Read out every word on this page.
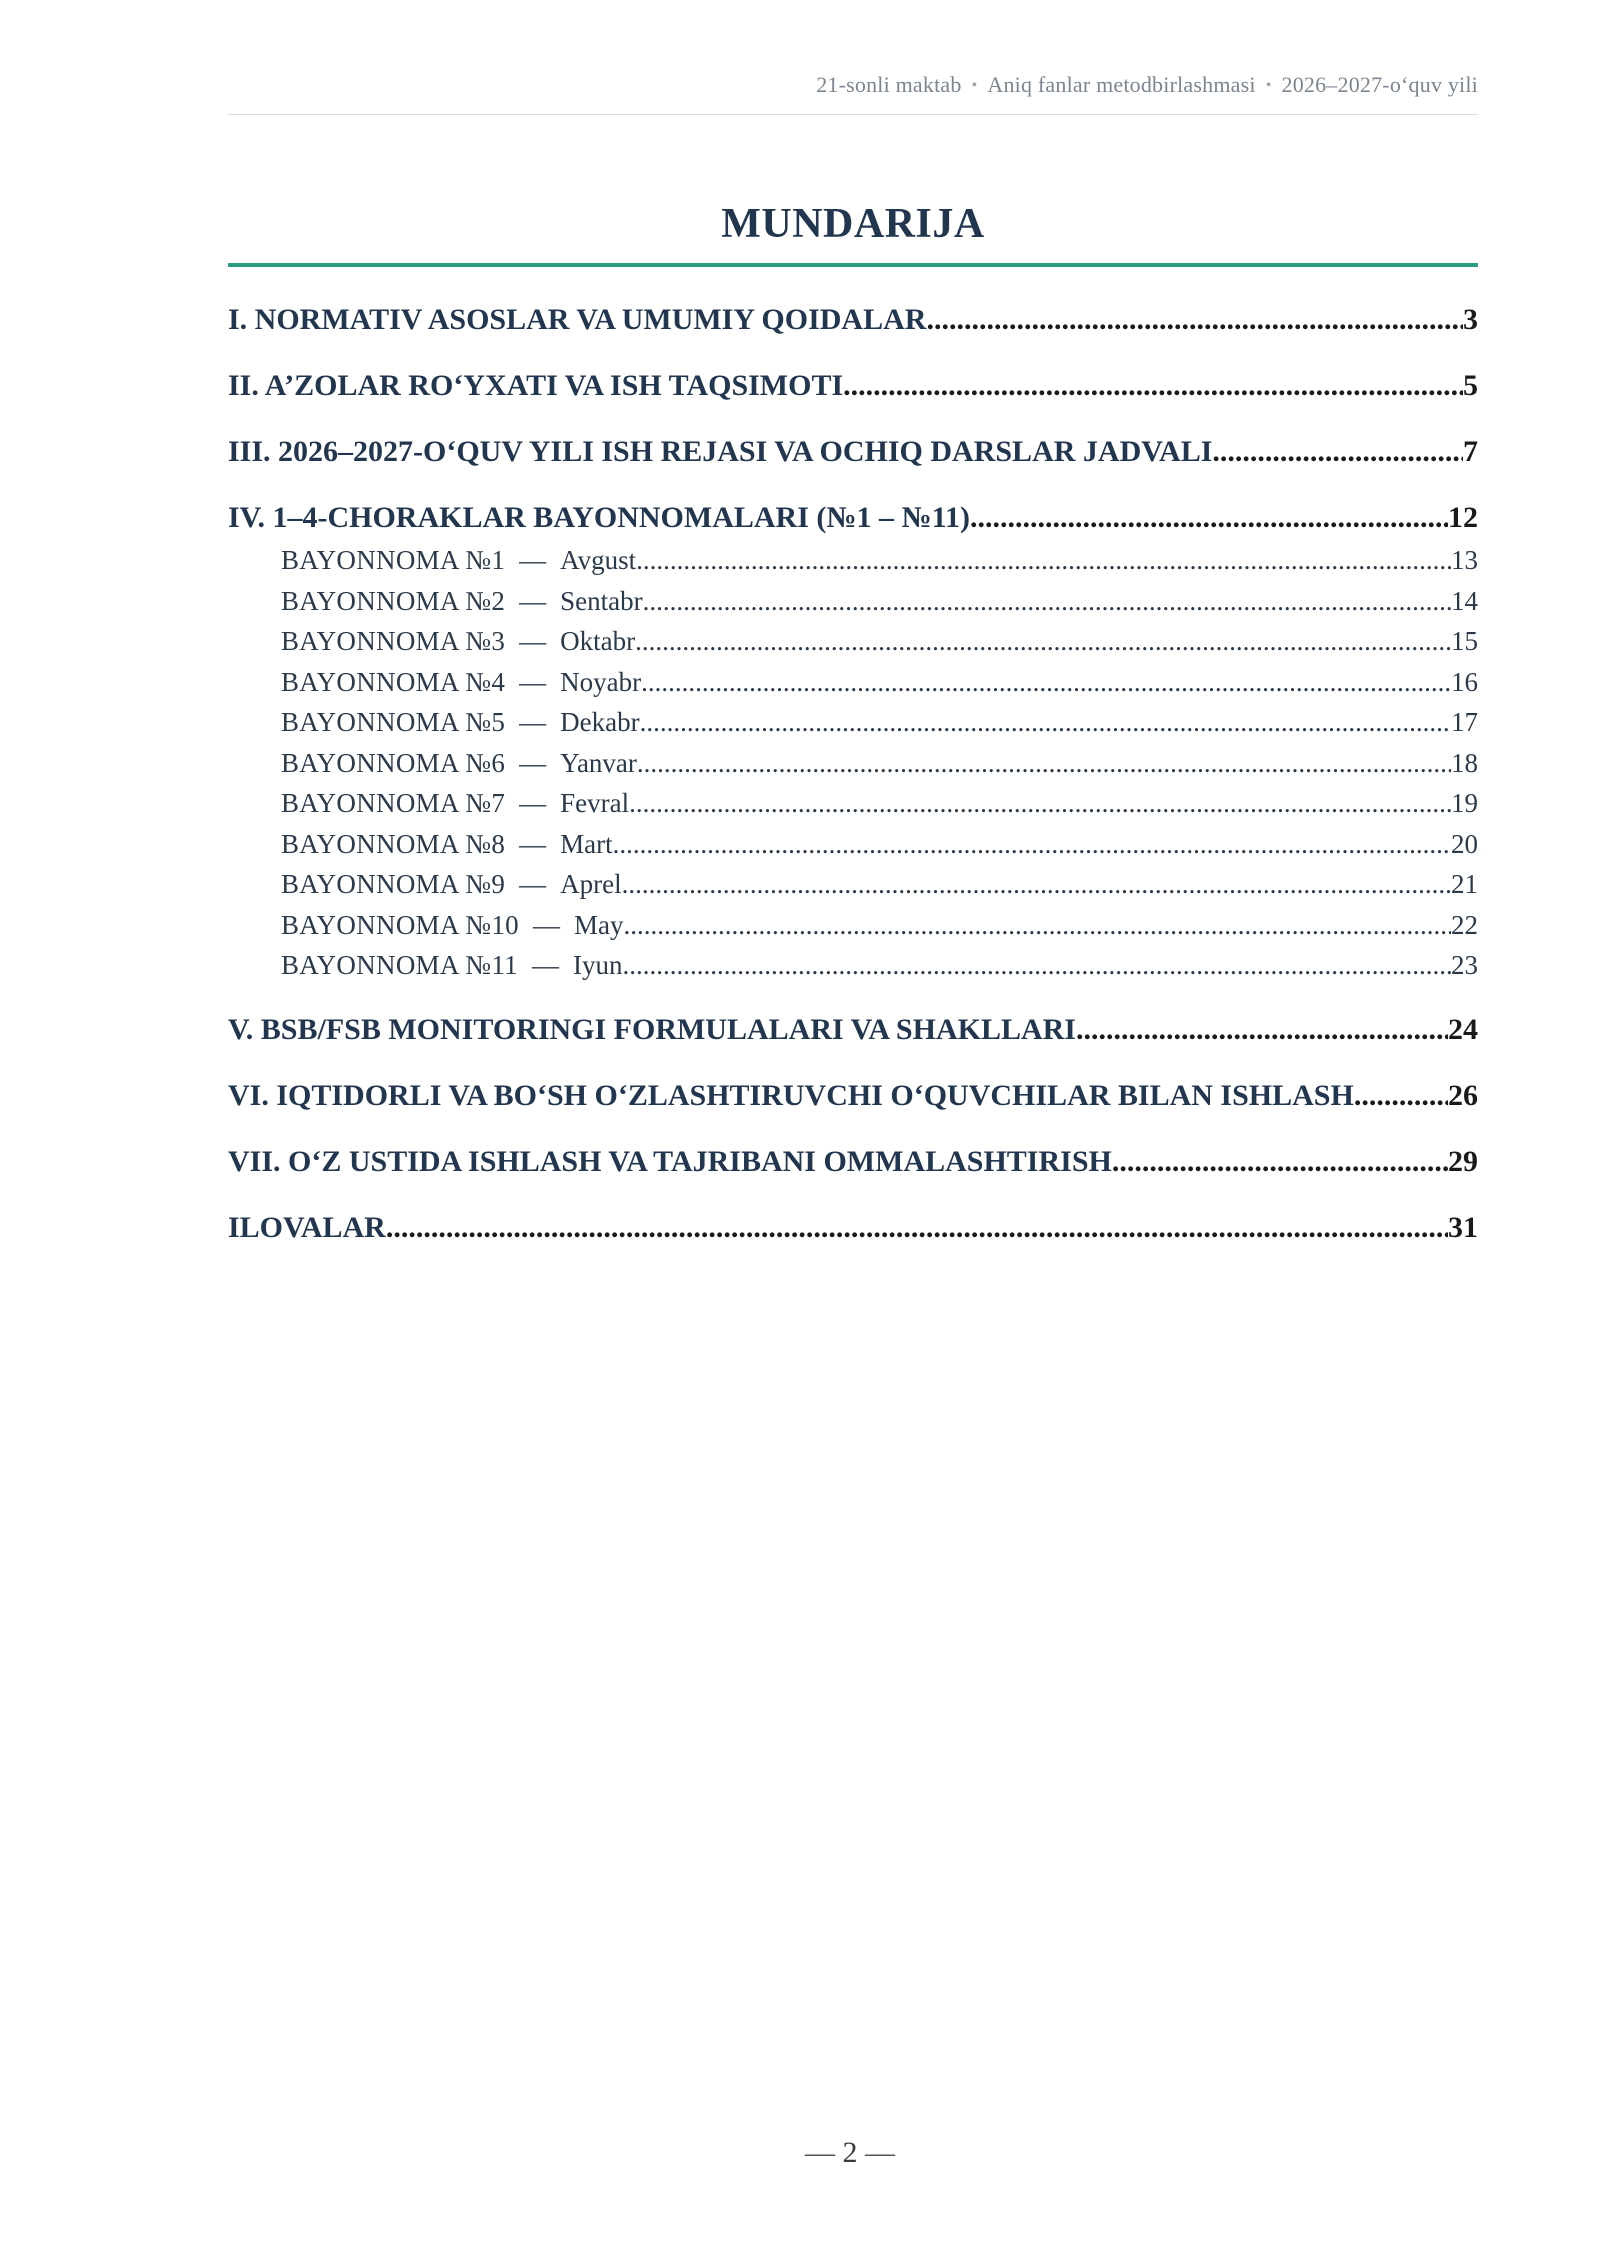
21-sonli maktab • Aniq fanlar metodbirlashmasi • 2026–2027-o‘quv yili
MUNDARIJA
I. NORMATIV ASOSLAR VA UMUMIY QOIDALAR .....	3
II. A’ZOLAR RO‘YXATI VA ISH TAQSIMOTI .....	5
III. 2026–2027-O‘QUV YILI ISH REJASI VA OCHIQ DARSLAR JADVALI .....	7
IV. 1–4-CHORAKLAR BAYONNOMALARI (№1 – №11) .....	12
BAYONNOMA №1 — Avgust .....	13
BAYONNOMA №2 — Sentabr .....	14
BAYONNOMA №3 — Oktabr .....	15
BAYONNOMA №4 — Noyabr .....	16
BAYONNOMA №5 — Dekabr .....	17
BAYONNOMA №6 — Yanvar .....	18
BAYONNOMA №7 — Fevral .....	19
BAYONNOMA №8 — Mart .....	20
BAYONNOMA №9 — Aprel .....	21
BAYONNOMA №10 — May .....	22
BAYONNOMA №11 — Iyun .....	23
V. BSB/FSB MONITORINGI FORMULALARI VA SHAKLLARI .....	24
VI. IQTIDORLI VA BO‘SH O‘ZLASHTIRUVCHI O‘QUVCHILAR BILAN ISHLASH .....	26
VII. O‘Z USTIDA ISHLASH VA TAJRIBANI OMMALASHTIRISH .....	29
ILOVALAR .....	31
— 2 —
